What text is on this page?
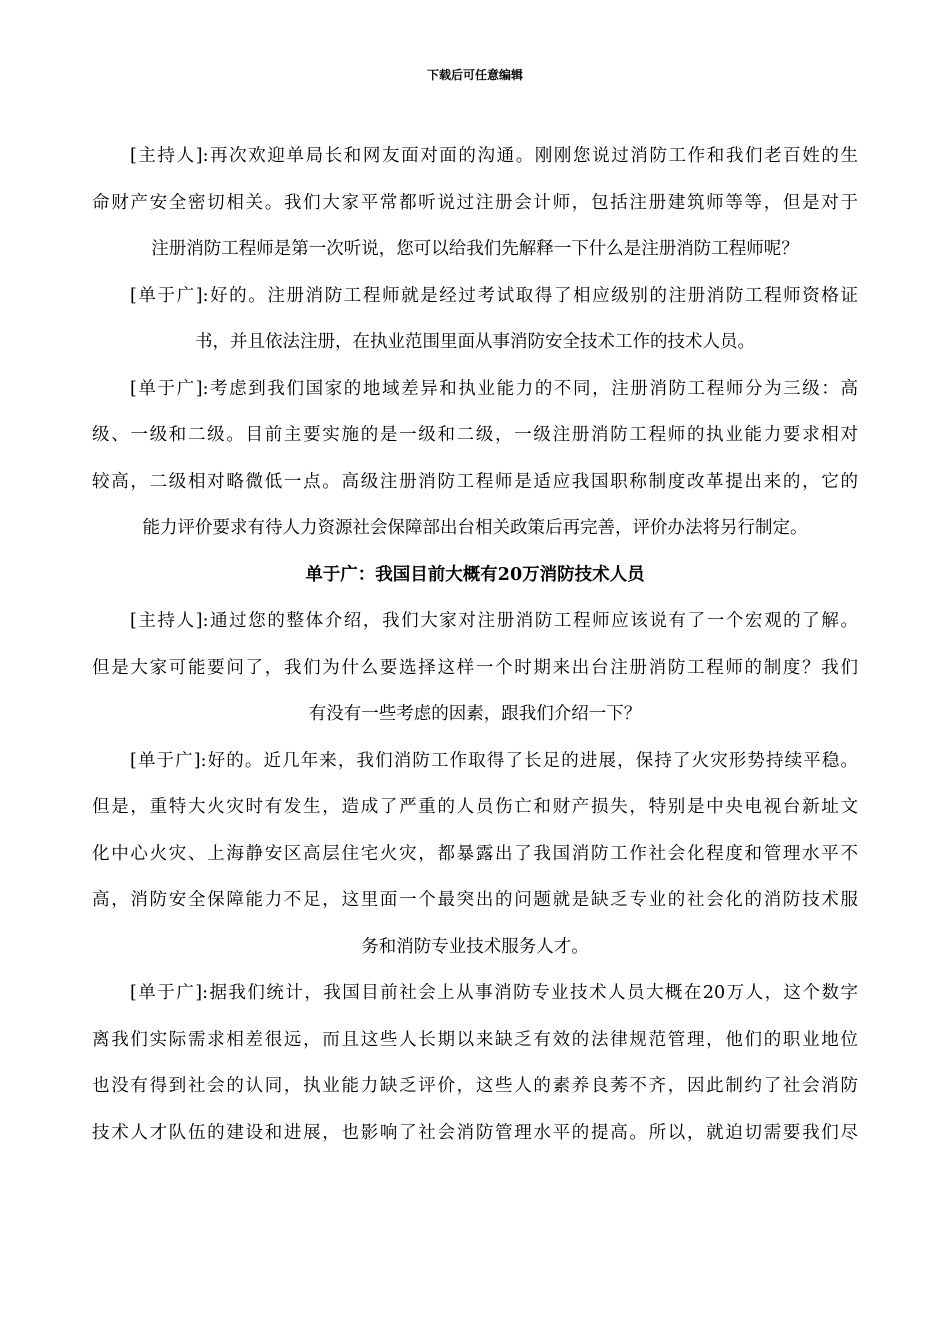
下载后可任意编辑
[主持人]:再次欢迎单局长和网友面对面的沟通。刚刚您说过消防工作和我们老百姓的生
命财产安全密切相关。我们大家平常都听说过注册会计师，包括注册建筑师等等，但是对于
注册消防工程师是第一次听说，您可以给我们先解释一下什么是注册消防工程师呢？
[单于广]:好的。注册消防工程师就是经过考试取得了相应级别的注册消防工程师资格证
书，并且依法注册，在执业范围里面从事消防安全技术工作的技术人员。
[单于广]:考虑到我们国家的地域差异和执业能力的不同，注册消防工程师分为三级：高
级、一级和二级。目前主要实施的是一级和二级，一级注册消防工程师的执业能力要求相对
较高，二级相对略微低一点。高级注册消防工程师是适应我国职称制度改革提出来的，它的
能力评价要求有待人力资源社会保障部出台相关政策后再完善，评价办法将另行制定。
单于广：我国目前大概有20万消防技术人员
[主持人]:通过您的整体介绍，我们大家对注册消防工程师应该说有了一个宏观的了解。
但是大家可能要问了，我们为什么要选择这样一个时期来出台注册消防工程师的制度？我们
有没有一些考虑的因素，跟我们介绍一下？
[单于广]:好的。近几年来，我们消防工作取得了长足的进展，保持了火灾形势持续平稳。
但是，重特大火灾时有发生，造成了严重的人员伤亡和财产损失，特别是中央电视台新址文
化中心火灾、上海静安区高层住宅火灾，都暴露出了我国消防工作社会化程度和管理水平不
高，消防安全保障能力不足，这里面一个最突出的问题就是缺乏专业的社会化的消防技术服
务和消防专业技术服务人才。
[单于广]:据我们统计，我国目前社会上从事消防专业技术人员大概在20万人，这个数字
离我们实际需求相差很远，而且这些人长期以来缺乏有效的法律规范管理，他们的职业地位
也没有得到社会的认同，执业能力缺乏评价，这些人的素养良莠不齐，因此制约了社会消防
技术人才队伍的建设和进展，也影响了社会消防管理水平的提高。所以，就迫切需要我们尽
